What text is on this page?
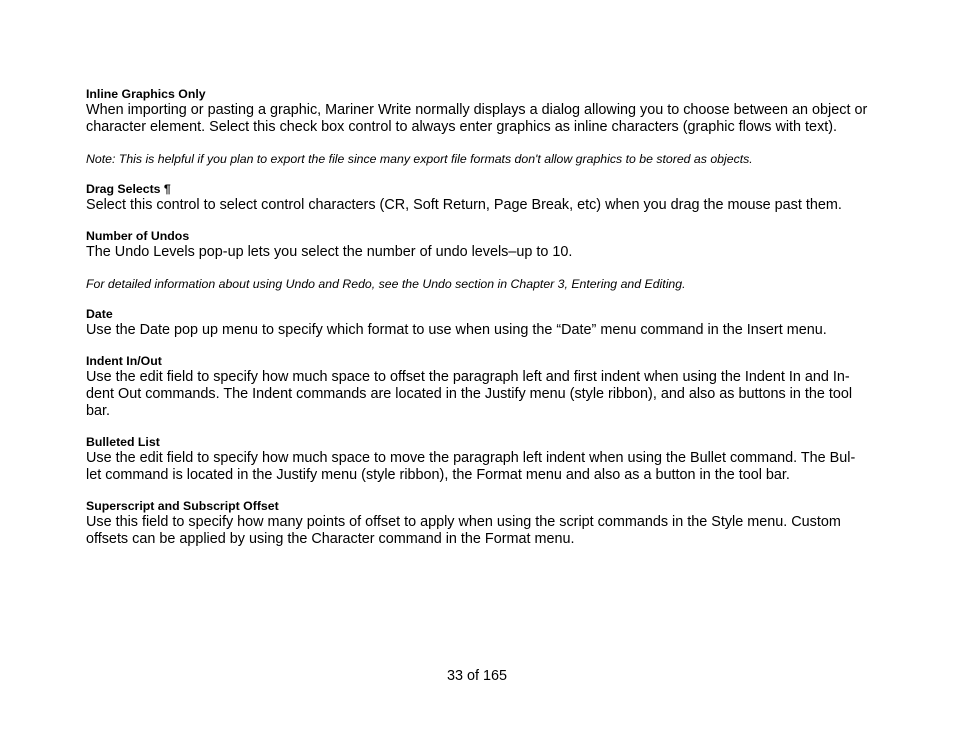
Inline Graphics Only
When importing or pasting a graphic, Mariner Write normally displays a dialog allowing you to choose between an object or character element. Select this check box control to always enter graphics as inline characters (graphic flows with text).
Note: This is helpful if you plan to export the file since many export file formats don't allow graphics to be stored as objects.
Drag Selects ¶
Select this control to select control characters (CR, Soft Return, Page Break, etc) when you drag the mouse past them.
Number of Undos
The Undo Levels pop-up lets you select the number of undo levels–up to 10.
For detailed information about using Undo and Redo, see the Undo section in Chapter 3, Entering and Editing.
Date
Use the Date pop up menu to specify which format to use when using the “Date” menu command in the Insert menu.
Indent In/Out
Use the edit field to specify how much space to offset the paragraph left and first indent when using the Indent In and In-dent Out commands. The Indent commands are located in the Justify menu (style ribbon), and also as buttons in the tool bar.
Bulleted List
Use the edit field to specify how much space to move the paragraph left indent when using the Bullet command. The Bul-let command is located in the Justify menu (style ribbon), the Format menu and also as a button in the tool bar.
Superscript and Subscript Offset
Use this field to specify how many points of offset to apply when using the script commands in the Style menu. Custom offsets can be applied by using the Character command in the Format menu.
33 of 165
